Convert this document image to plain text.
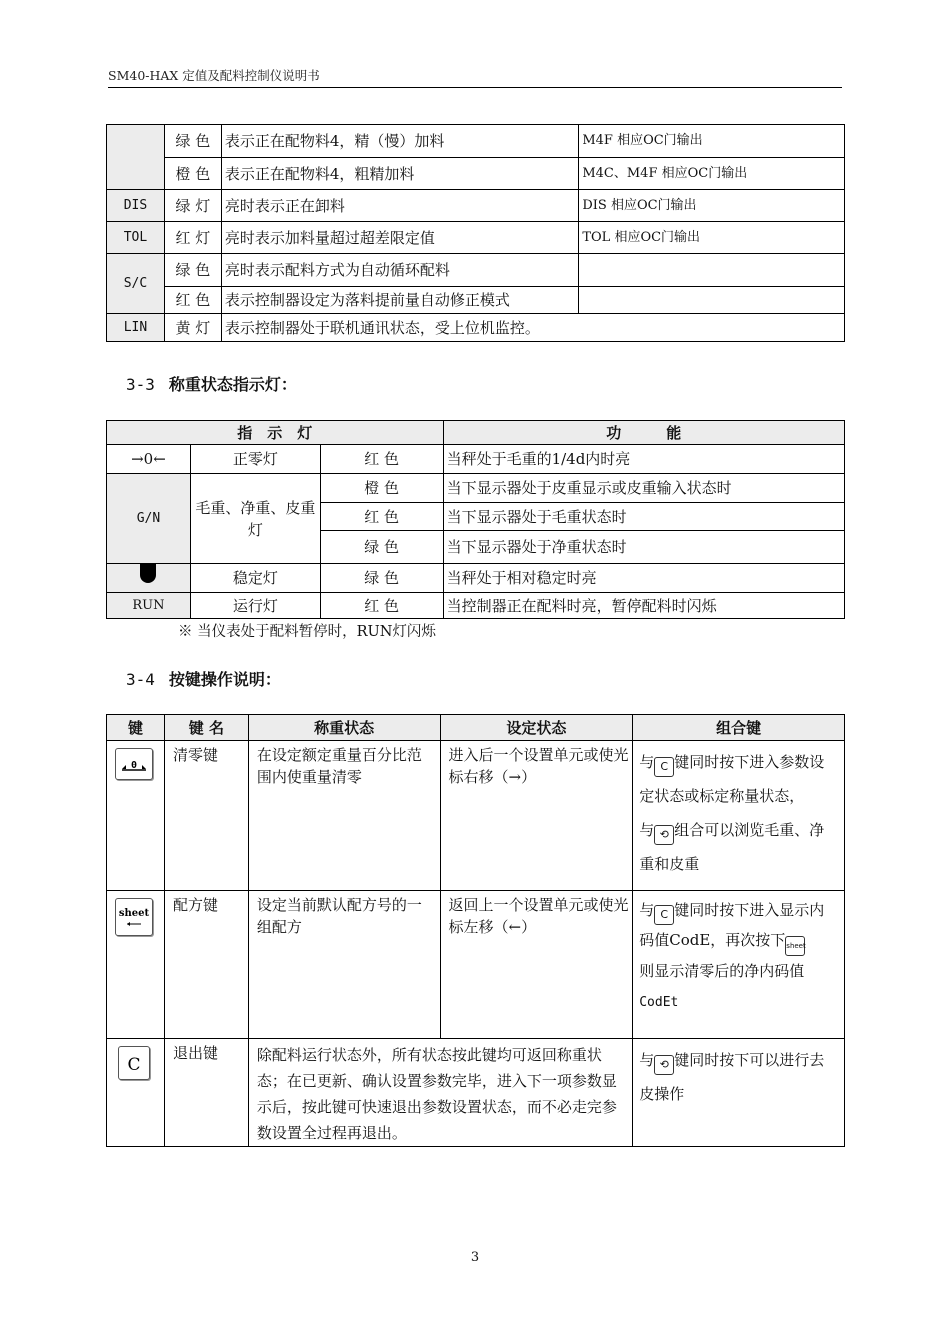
SM40-HAX 定值及配料控制仪说明书
	绿 色	表示正在配物料4，精（慢）加料	M4F 相应OC门输出
	橙 色	表示正在配物料4，粗精加料	M4C、M4F 相应OC门输出
DIS	绿 灯	亮时表示正在卸料	DIS 相应OC门输出
TOL	红 灯	亮时表示加料量超过超差限定值	TOL 相应OC门输出
S/C	绿 色	亮时表示配料方式为自动循环配料	
	红 色	表示控制器设定为落料提前量自动修正模式	
LIN	黄 灯	表示控制器处于联机通讯状态，受上位机监控。	
3-3 称重状态指示灯：
指　示　灯			功　　　能
→0←	正零灯	红 色	当秤处于毛重的1/4d内时亮
G/N	毛重、净重、皮重灯	橙 色	当下显示器处于皮重显示或皮重输入状态时
		红 色	当下显示器处于毛重状态时
		绿 色	当下显示器处于净重状态时
	稳定灯	绿 色	当秤处于相对稳定时亮
RUN	运行灯	红 色	当控制器正在配料时亮，暂停配料时闪烁
※ 当仪表处于配料暂停时，RUN灯闪烁
3-4 按键操作说明：
键	键 名	称重状态	设定状态	组合键

0	清零键	在设定额定重量百分比范围内使重量清零	进入后一个设置单元或使光标右移（→）	与 C 键同时按下进入参数设定状态或标定称量状态，
与 ⟲ 组合可以浏览毛重、净重和皮重

sheet	配方键	设定当前默认配方号的一组配方	返回上一个设置单元或使光标左移（←）	与 C 键同时按下进入显示内码值CodE，再次按下sheet
则显示清零后的净内码值
CodEt

C	退出键	除配料运行状态外，所有状态按此键均可返回称重状态；在已更新、确认设置参数完毕，进入下一项参数显示后，按此键可快速退出参数设置状态，而不必走完参数设置全过程再退出。		与 ⟲ 键同时按下可以进行去皮操作
3
